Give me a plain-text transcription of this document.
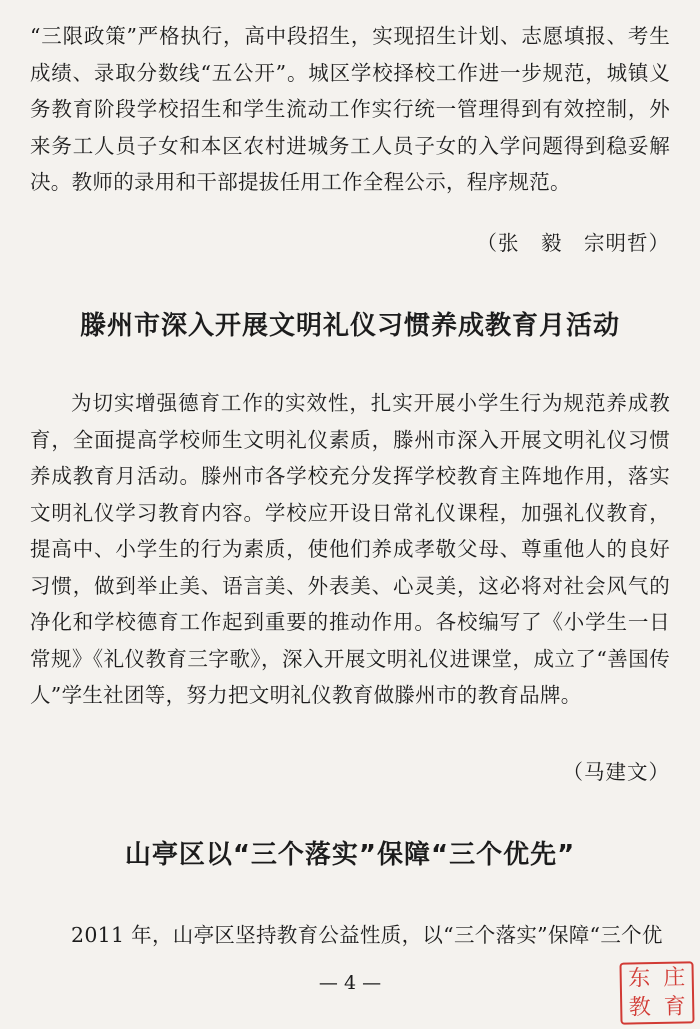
“三限政策”严格执行，高中段招生，实现招生计划、志愿填报、考生成绩、录取分数线“五公开”。城区学校择校工作进一步规范，城镇义务教育阶段学校招生和学生流动工作实行统一管理得到有效控制，外来务工人员子女和本区农村进城务工人员子女的入学问题得到稳妥解决。教师的录用和干部提拔任用工作全程公示，程序规范。

（张　毅　宗明哲）

滕州市深入开展文明礼仪习惯养成教育月活动

为切实增强德育工作的实效性，扎实开展小学生行为规范养成教育，全面提高学校师生文明礼仪素质，滕州市深入开展文明礼仪习惯养成教育月活动。滕州市各学校充分发挥学校教育主阵地作用，落实文明礼仪学习教育内容。学校应开设日常礼仪课程，加强礼仪教育，提高中、小学生的行为素质，使他们养成孝敬父母、尊重他人的良好习惯，做到举止美、语言美、外表美、心灵美，这必将对社会风气的净化和学校德育工作起到重要的推动作用。各校编写了《小学生一日常规》《礼仪教育三字歌》，深入开展文明礼仪进课堂，成立了“善国传人”学生社团等，努力把文明礼仪教育做滕州市的教育品牌。

（马建文）

山亭区以“三个落实”保障“三个优先”

2011 年，山亭区坚持教育公益性质，以“三个落实”保障“三个优

— 4 —	东 庄
教 育
